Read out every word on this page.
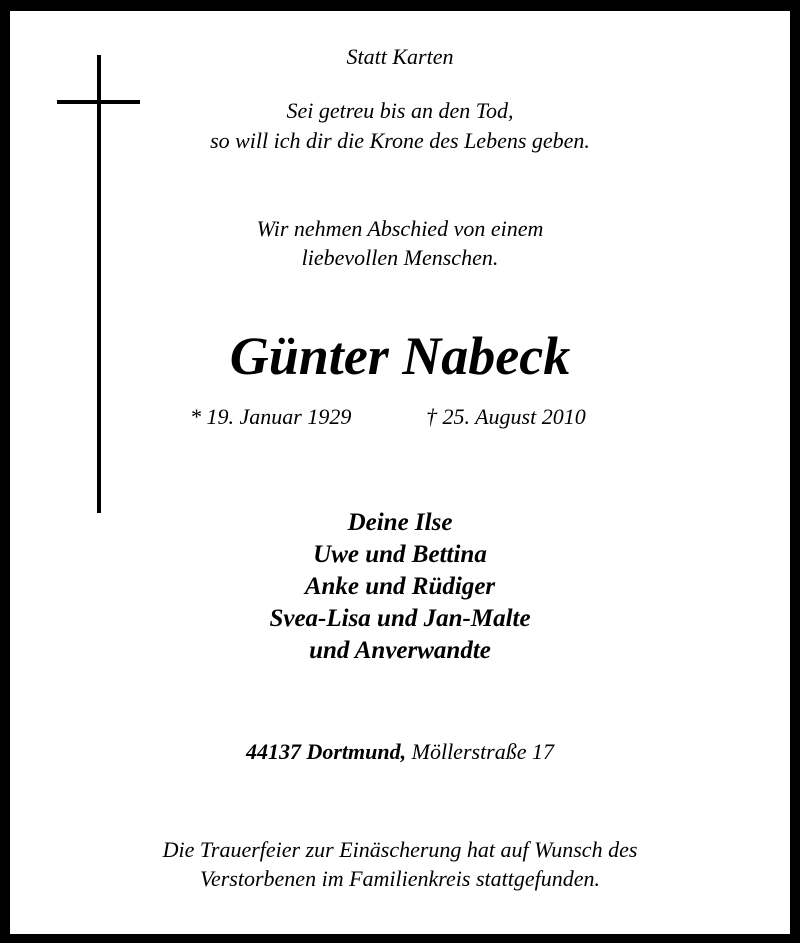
Statt Karten
Sei getreu bis an den Tod,
so will ich dir die Krone des Lebens geben.
Wir nehmen Abschied von einem
liebevollen Menschen.
Günter Nabeck
* 19. Januar 1929	† 25. August 2010
Deine Ilse
Uwe und Bettina
Anke und Rüdiger
Svea-Lisa und Jan-Malte
und Anverwandte
44137 Dortmund, Möllerstraße 17
Die Trauerfeier zur Einäscherung hat auf Wunsch des
Verstorbenen im Familienkreis stattgefunden.
